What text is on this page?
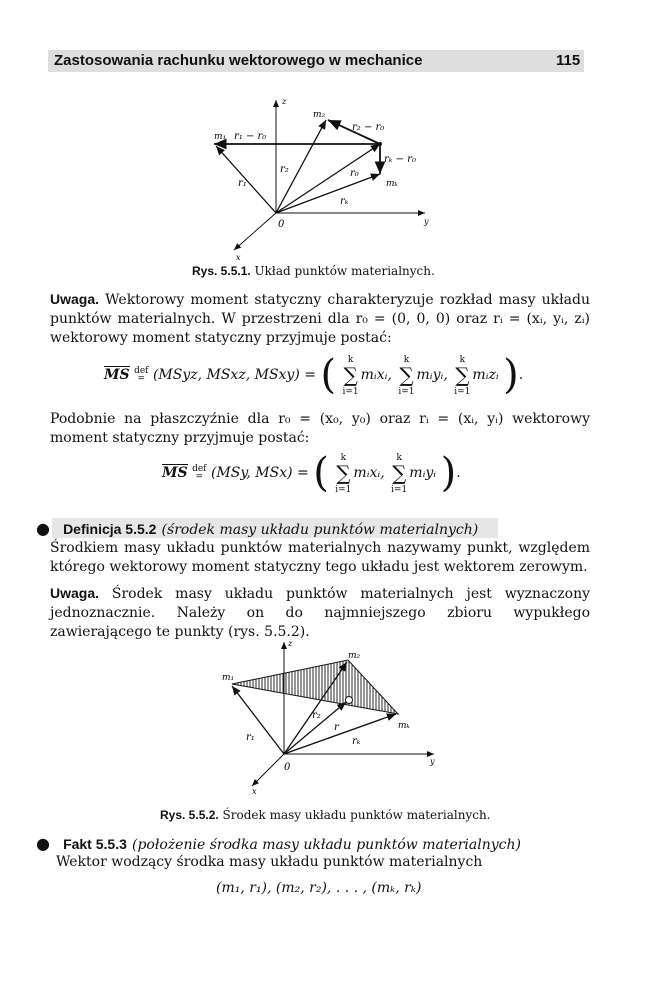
Zastosowania rachunku wektorowego w mechanice	115
z
y
x
0
m₁
m₂
mₖ
r₁
r₂	r₀
rₖ
r₁ − r₀
r₂ − r₀
rₖ − r₀
Rys. 5.5.1. Układ punktów materialnych.
Uwaga. Wektorowy moment statyczny charakteryzuje rozkład masy układu punktów materialnych. W przestrzeni dla r₀ = (0, 0, 0) oraz rᵢ = (xᵢ, yᵢ, zᵢ) wektorowy moment statyczny przyjmuje postać:
MS def
= (MSyz, MSxz, MSxy) = ( k
∑
i=1mᵢxᵢ, k
∑
i=1mᵢyᵢ, k
∑
i=1mᵢzᵢ ).
Podobnie na płaszczyźnie dla r₀ = (x₀, y₀) oraz rᵢ = (xᵢ, yᵢ) wektorowy moment statyczny przyjmuje postać:
MS def
= (MSy, MSx) = ( k
∑
i=1mᵢxᵢ, k
∑
i=1mᵢyᵢ ).
● Definicja 5.5.2 (środek masy układu punktów materialnych)
Środkiem masy układu punktów materialnych nazywamy punkt, względem którego wektorowy moment statyczny tego układu jest wektorem zerowym.
Uwaga. Środek masy układu punktów materialnych jest wyznaczony jednoznacznie. Należy on do najmniejszego zbioru wypukłego zawierającego te punkty (rys. 5.5.2).
z
y
x
0
m₁
m₂
mₖ
r₁
r₂
r
rₖ
Rys. 5.5.2. Środek masy układu punktów materialnych.
● Fakt 5.5.3 (położenie środka masy układu punktów materialnych)
Wektor wodzący środka masy układu punktów materialnych
(m₁, r₁), (m₂, r₂), . . . , (mₖ, rₖ)
